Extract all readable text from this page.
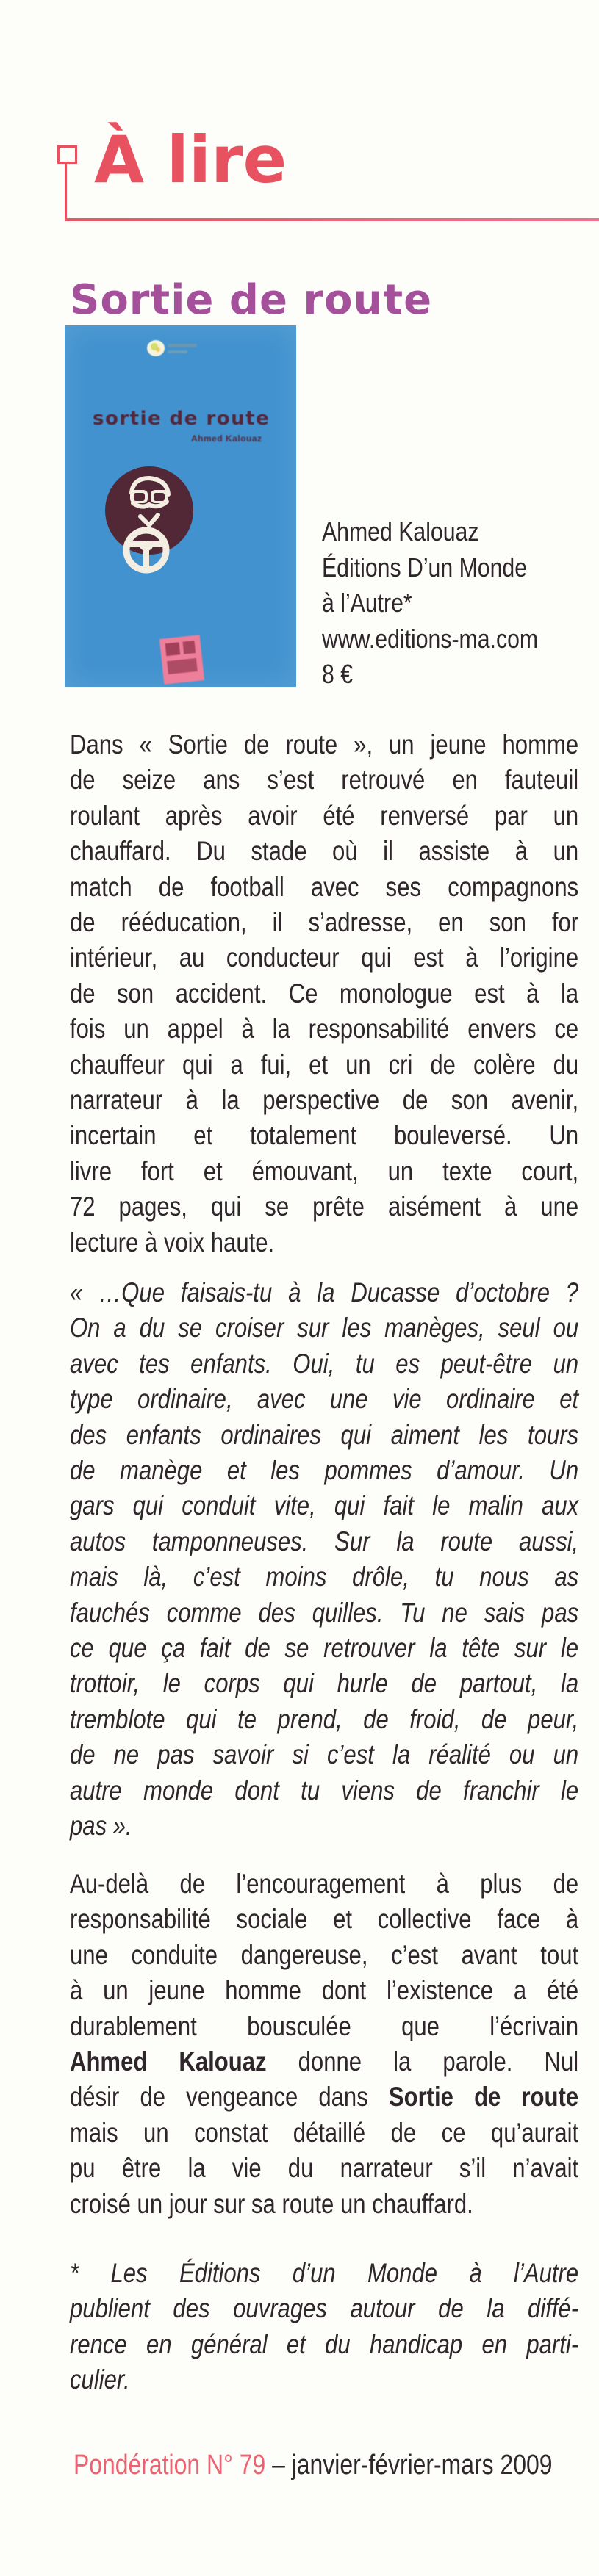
À lire
Sortie de route
sortie de route
Ahmed Kalouaz
Ahmed Kalouaz
Éditions D’un Monde
à l’Autre*
www.editions-ma.com
8 €
Dans « Sortie de route », un jeune homme
de seize ans s’est retrouvé en fauteuil
roulant après avoir été renversé par un
chauffard. Du stade où il assiste à un
match de football avec ses compagnons
de rééducation, il s’adresse, en son for
intérieur, au conducteur qui est à l’origine
de son accident. Ce monologue est à la
fois un appel à la responsabilité envers ce
chauffeur qui a fui, et un cri de colère du
narrateur à la perspective de son avenir,
incertain et totalement bouleversé. Un
livre fort et émouvant, un texte court,
72 pages, qui se prête aisément à une
lecture à voix haute.
« …Que faisais-tu à la Ducasse d’octobre ?
On a du se croiser sur les manèges, seul ou
avec tes enfants. Oui, tu es peut-être un
type ordinaire, avec une vie ordinaire et
des enfants ordinaires qui aiment les tours
de manège et les pommes d’amour. Un
gars qui conduit vite, qui fait le malin aux
autos tamponneuses. Sur la route aussi,
mais là, c’est moins drôle, tu nous as
fauchés comme des quilles. Tu ne sais pas
ce que ça fait de se retrouver la tête sur le
trottoir, le corps qui hurle de partout, la
tremblote qui te prend, de froid, de peur,
de ne pas savoir si c’est la réalité ou un
autre monde dont tu viens de franchir le
pas ».
Au-delà de l’encouragement à plus de
responsabilité sociale et collective face à
une conduite dangereuse, c’est avant tout
à un jeune homme dont l’existence a été
durablement bousculée que l’écrivain
Ahmed Kalouaz donne la parole. Nul
désir de vengeance dans Sortie de route
mais un constat détaillé de ce qu’aurait
pu être la vie du narrateur s’il n’avait
croisé un jour sur sa route un chauffard.
* Les Éditions d’un Monde à l’Autre
publient des ouvrages autour de la diffé-
rence en général et du handicap en parti-
culier.
Pondération N° 79 – janvier-février-mars 2009
